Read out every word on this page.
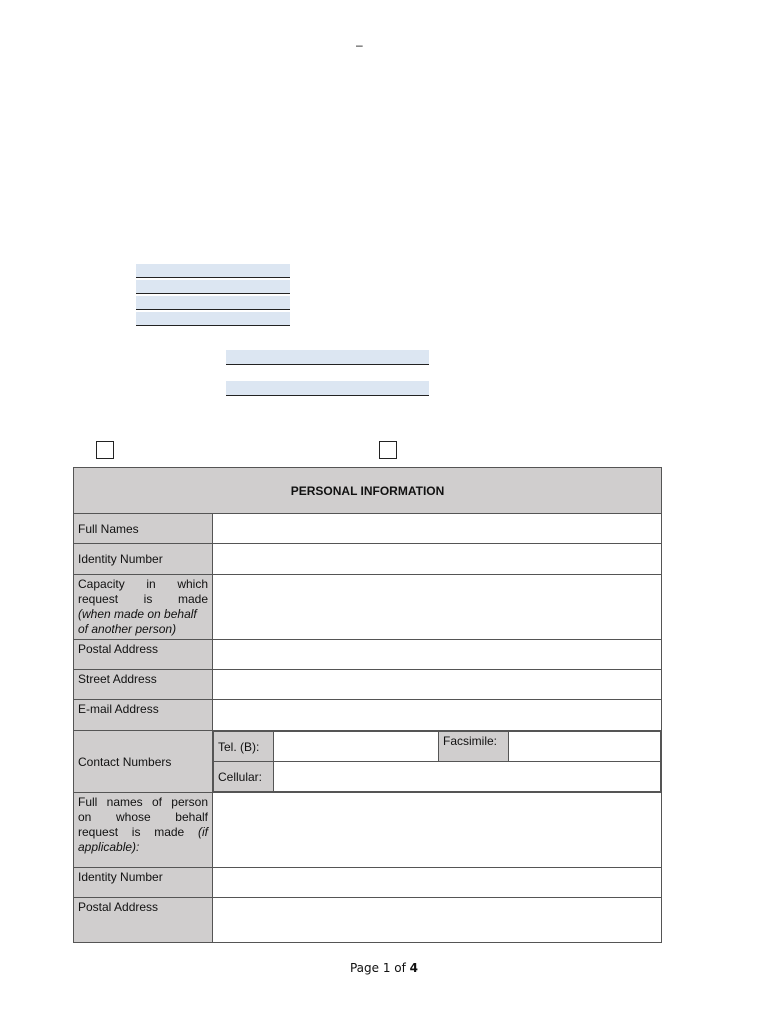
–
PERSONAL INFORMATION
Full Names	
Identity Number	

Capacity in which
request is made
(when made on behalf
of another person)

Postal Address	
Street Address	
E-mail Address	
Contact Numbers	
Tel. (B):		Facsimile:	
Cellular:	

Full names of person
on whose behalf
request is made (if
applicable):

Identity Number	
Postal Address	
Page 1 of 4
